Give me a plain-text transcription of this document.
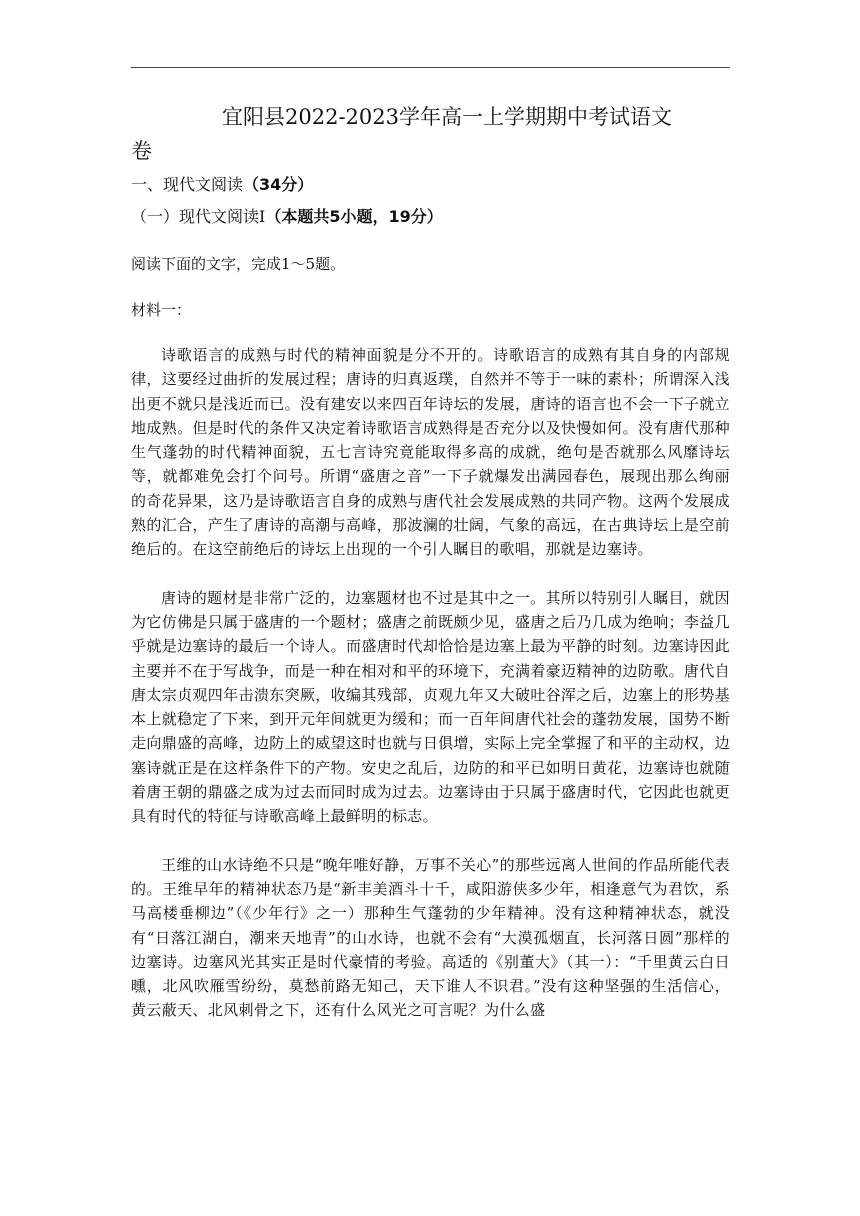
宜阳县2022-2023学年高一上学期期中考试语文
卷
一、现代文阅读（34分）
（一）现代文阅读Ⅰ（本题共5小题，19分）

阅读下面的文字，完成1～5题。

材料一：

诗歌语言的成熟与时代的精神面貌是分不开的。诗歌语言的成熟有其自身的内部规律，这要经过曲折的发展过程；唐诗的归真返璞，自然并不等于一味的素朴；所谓深入浅出更不就只是浅近而已。没有建安以来四百年诗坛的发展，唐诗的语言也不会一下子就立地成熟。但是时代的条件又决定着诗歌语言成熟得是否充分以及快慢如何。没有唐代那种生气蓬勃的时代精神面貌，五七言诗究竟能取得多高的成就，绝句是否就那么风靡诗坛等，就都难免会打个问号。所谓“盛唐之音”一下子就爆发出满园春色，展现出那么绚丽的奇花异果，这乃是诗歌语言自身的成熟与唐代社会发展成熟的共同产物。这两个发展成熟的汇合，产生了唐诗的高潮与高峰，那波澜的壮阔，气象的高远，在古典诗坛上是空前绝后的。在这空前绝后的诗坛上出现的一个引人瞩目的歌唱，那就是边塞诗。

唐诗的题材是非常广泛的，边塞题材也不过是其中之一。其所以特别引人瞩目，就因为它仿佛是只属于盛唐的一个题材；盛唐之前既颇少见，盛唐之后乃几成为绝响；李益几乎就是边塞诗的最后一个诗人。而盛唐时代却恰恰是边塞上最为平静的时刻。边塞诗因此主要并不在于写战争，而是一种在相对和平的环境下，充满着豪迈精神的边防歌。唐代自唐太宗贞观四年击溃东突厥，收编其残部，贞观九年又大破吐谷浑之后，边塞上的形势基本上就稳定了下来，到开元年间就更为缓和；而一百年间唐代社会的蓬勃发展，国势不断走向鼎盛的高峰，边防上的威望这时也就与日俱增，实际上完全掌握了和平的主动权，边塞诗就正是在这样条件下的产物。安史之乱后，边防的和平已如明日黄花，边塞诗也就随着唐王朝的鼎盛之成为过去而同时成为过去。边塞诗由于只属于盛唐时代，它因此也就更具有时代的特征与诗歌高峰上最鲜明的标志。

王维的山水诗绝不只是“晚年唯好静，万事不关心”的那些远离人世间的作品所能代表的。王维早年的精神状态乃是“新丰美酒斗十千，咸阳游侠多少年，相逢意气为君饮，系马高楼垂柳边”（《少年行》之一）那种生气蓬勃的少年精神。没有这种精神状态，就没有“日落江湖白，潮来天地青”的山水诗，也就不会有“大漠孤烟直，长河落日圆”那样的边塞诗。边塞风光其实正是时代豪情的考验。高适的《别董大》（其一）：“千里黄云白日曛，北风吹雁雪纷纷，莫愁前路无知己，天下谁人不识君。”没有这种坚强的生活信心，黄云蔽天、北风刺骨之下，还有什么风光之可言呢？为什么盛
